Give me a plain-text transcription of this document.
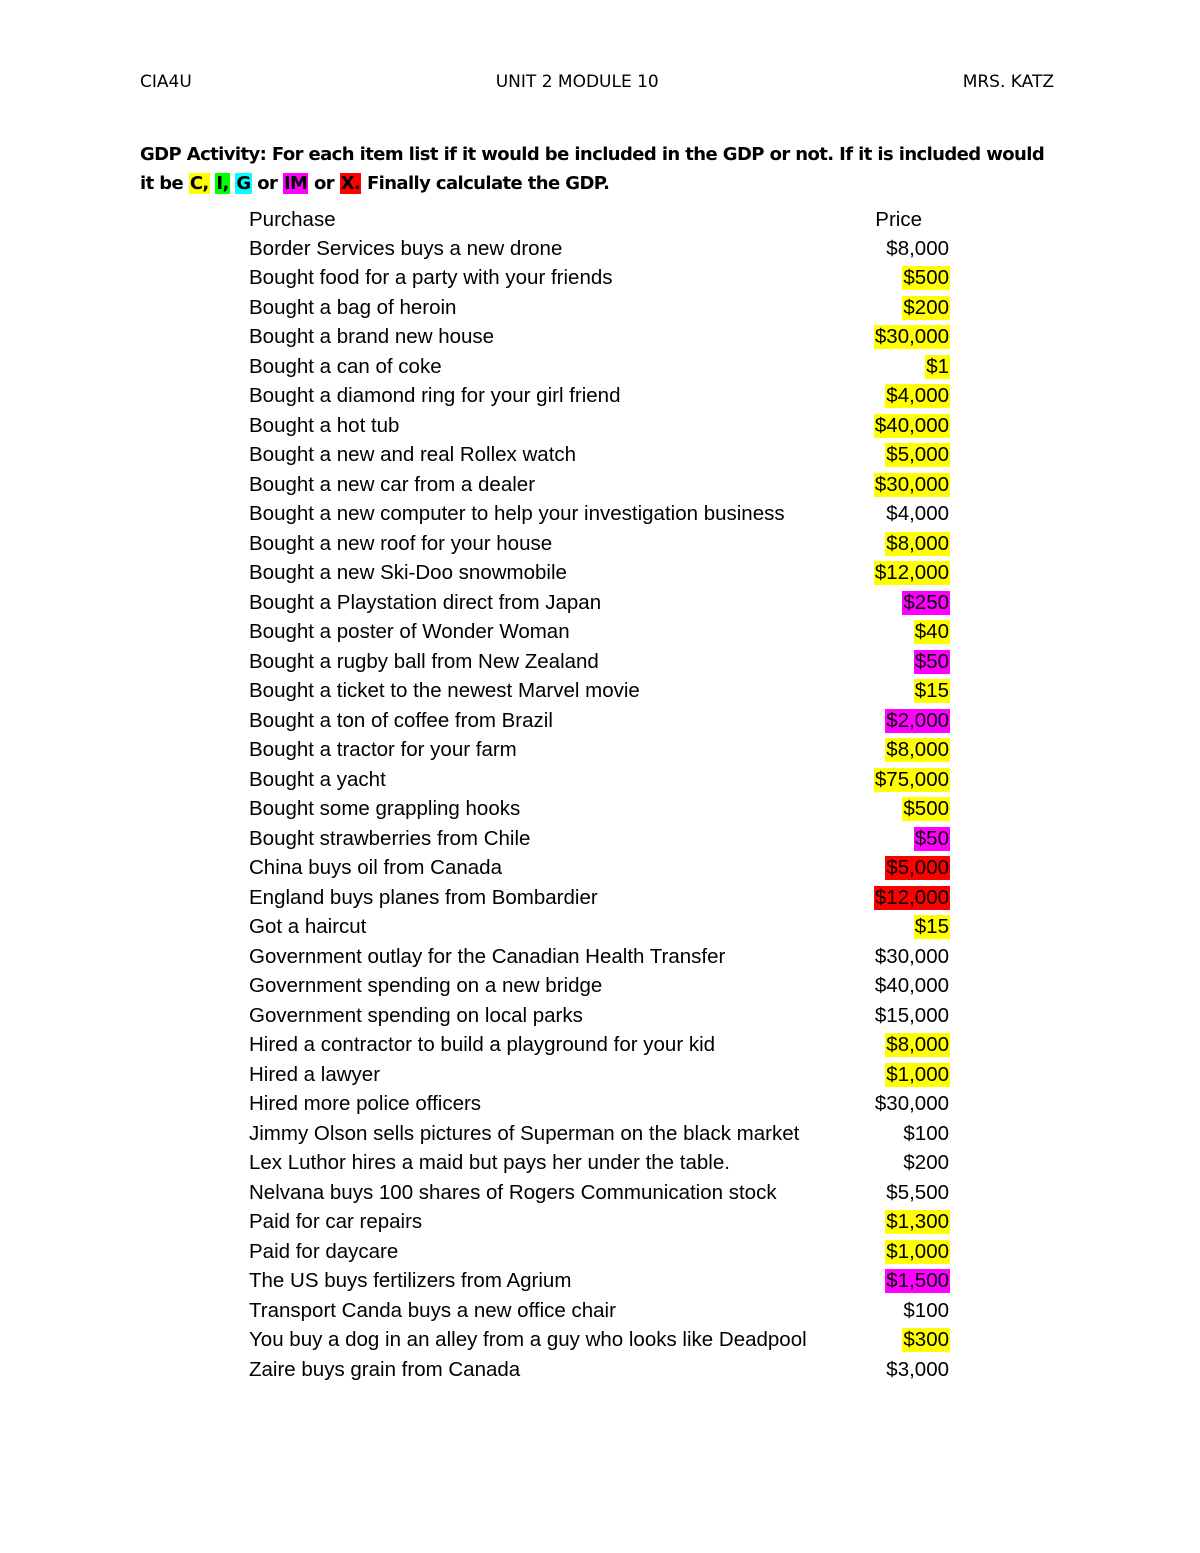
CIA4U	UNIT 2 MODULE 10	MRS. KATZ
GDP Activity: For each item list if it would be included in the GDP or not. If it is included would it be C, I, G or IM or X. Finally calculate the GDP.
Purchase	Price
Border Services buys a new drone	$8,000
Bought food for a party with your friends	$500
Bought a bag of heroin	$200
Bought a brand new house	$30,000
Bought a can of coke	$1
Bought a diamond ring for your girl friend	$4,000
Bought a hot tub	$40,000
Bought a new and real Rollex watch	$5,000
Bought a new car from a dealer	$30,000
Bought a new computer to help your investigation business	$4,000
Bought a new roof for your house	$8,000
Bought a new Ski-Doo snowmobile	$12,000
Bought a Playstation direct from Japan	$250
Bought a poster of Wonder Woman	$40
Bought a rugby ball from New Zealand	$50
Bought a ticket to the newest Marvel movie	$15
Bought a ton of coffee from Brazil	$2,000
Bought a tractor for your farm	$8,000
Bought a yacht	$75,000
Bought some grappling hooks	$500
Bought strawberries from Chile	$50
China buys oil from Canada	$5,000
England buys planes from Bombardier	$12,000
Got a haircut	$15
Government outlay for the Canadian Health Transfer	$30,000
Government spending on a new bridge	$40,000
Government spending on local parks	$15,000
Hired a contractor to build a playground for your kid	$8,000
Hired a lawyer	$1,000
Hired more police officers	$30,000
Jimmy Olson sells pictures of Superman on the black market	$100
Lex Luthor hires a maid but pays her under the table.	$200
Nelvana buys 100 shares of Rogers Communication stock	$5,500
Paid for car repairs	$1,300
Paid for daycare	$1,000
The US buys fertilizers from Agrium	$1,500
Transport Canda buys a new office chair	$100
You buy a dog in an alley from a guy who looks like Deadpool	$300
Zaire buys grain from Canada	$3,000
